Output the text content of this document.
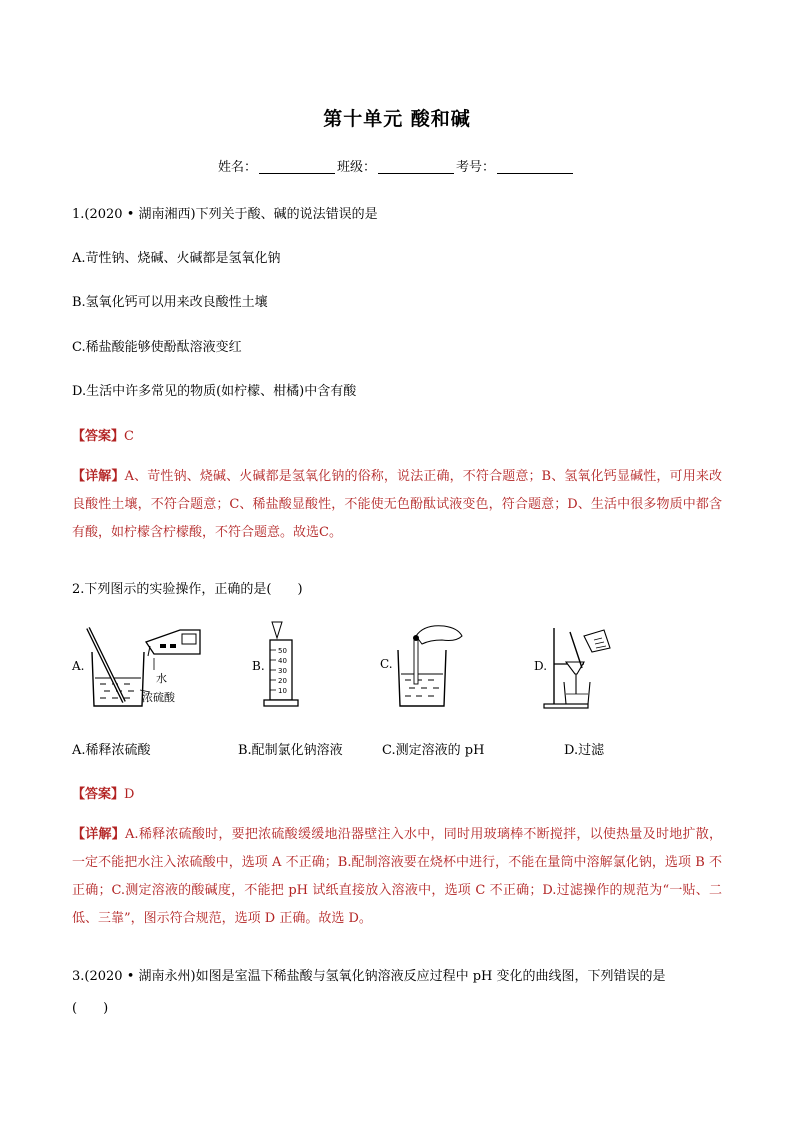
第十单元 酸和碱
姓名：	班级：	考号：
1.(2020 • 湖南湘西)下列关于酸、碱的说法错误的是
A.苛性钠、烧碱、火碱都是氢氧化钠
B.氢氧化钙可以用来改良酸性土壤
C.稀盐酸能够使酚酞溶液变红
D.生活中许多常见的物质(如柠檬、柑橘)中含有酸
【答案】C
【详解】A、苛性钠、烧碱、火碱都是氢氧化钠的俗称，说法正确，不符合题意；B、氢氧化钙显碱性，可用来改良酸性土壤，不符合题意；C、稀盐酸显酸性，不能使无色酚酞试液变色，符合题意；D、生活中很多物质中都含有酸，如柠檬含柠檬酸，不符合题意。故选C。
2.下列图示的实验操作，正确的是(　　)
A.
水
浓硫酸
B.
50
40
30
20
10
C.	D.
A.稀释浓硫酸	B.配制氯化钠溶液	C.测定溶液的 pH	D.过滤
【答案】D
【详解】A.稀释浓硫酸时，要把浓硫酸缓缓地沿器壁注入水中，同时用玻璃棒不断搅拌，以使热量及时地扩散，一定不能把水注入浓硫酸中，选项 A 不正确；B.配制溶液要在烧杯中进行，不能在量筒中溶解氯化钠，选项 B 不正确；C.测定溶液的酸碱度，不能把 pH 试纸直接放入溶液中，选项 C 不正确；D.过滤操作的规范为“一贴、二低、三靠”，图示符合规范，选项 D 正确。故选 D。
3.(2020 • 湖南永州)如图是室温下稀盐酸与氢氧化钠溶液反应过程中 pH 变化的曲线图，下列错误的是
(　　)
